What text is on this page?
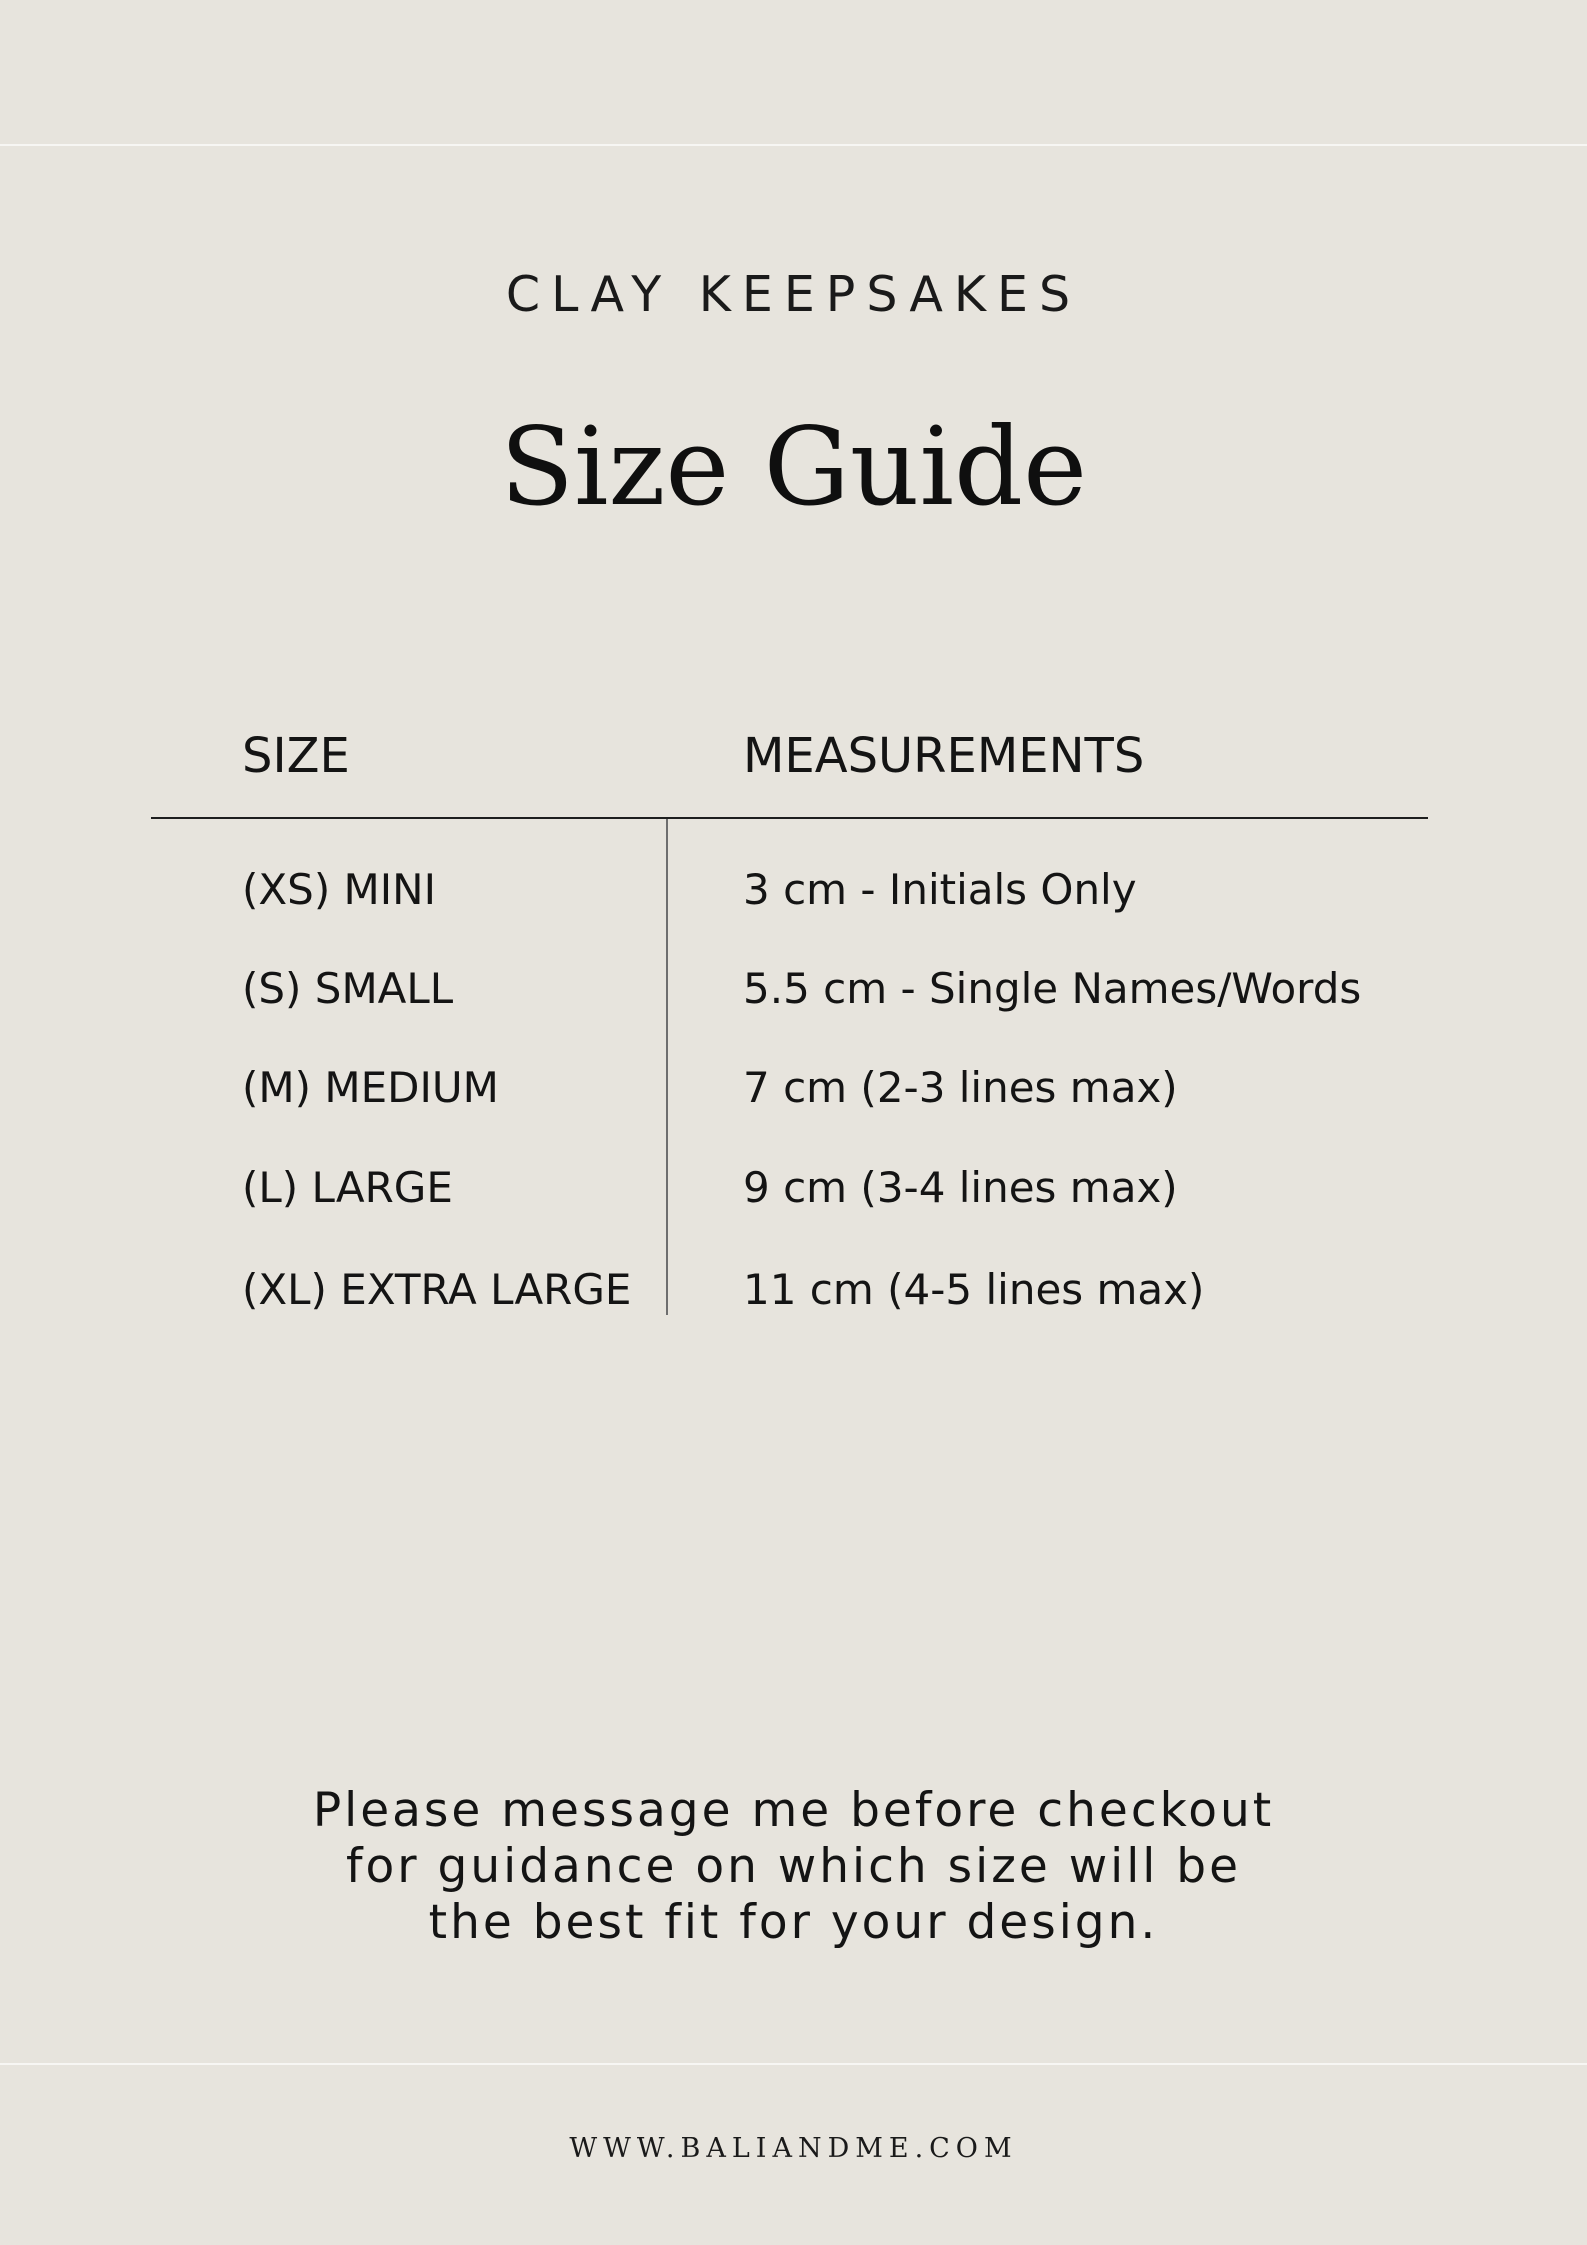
CLAY KEEPSAKES
Size Guide
SIZE	MEASUREMENTS
(XS) MINI	3 cm - Initials Only
(S) SMALL	5.5 cm - Single Names/Words
(M) MEDIUM	7 cm (2-3 lines max)
(L) LARGE	9 cm (3-4 lines max)
(XL) EXTRA LARGE	11 cm (4-5 lines max)
Please message me before checkout
for guidance on which size will be
the best fit for your design.
WWW.BALIANDME.COM
